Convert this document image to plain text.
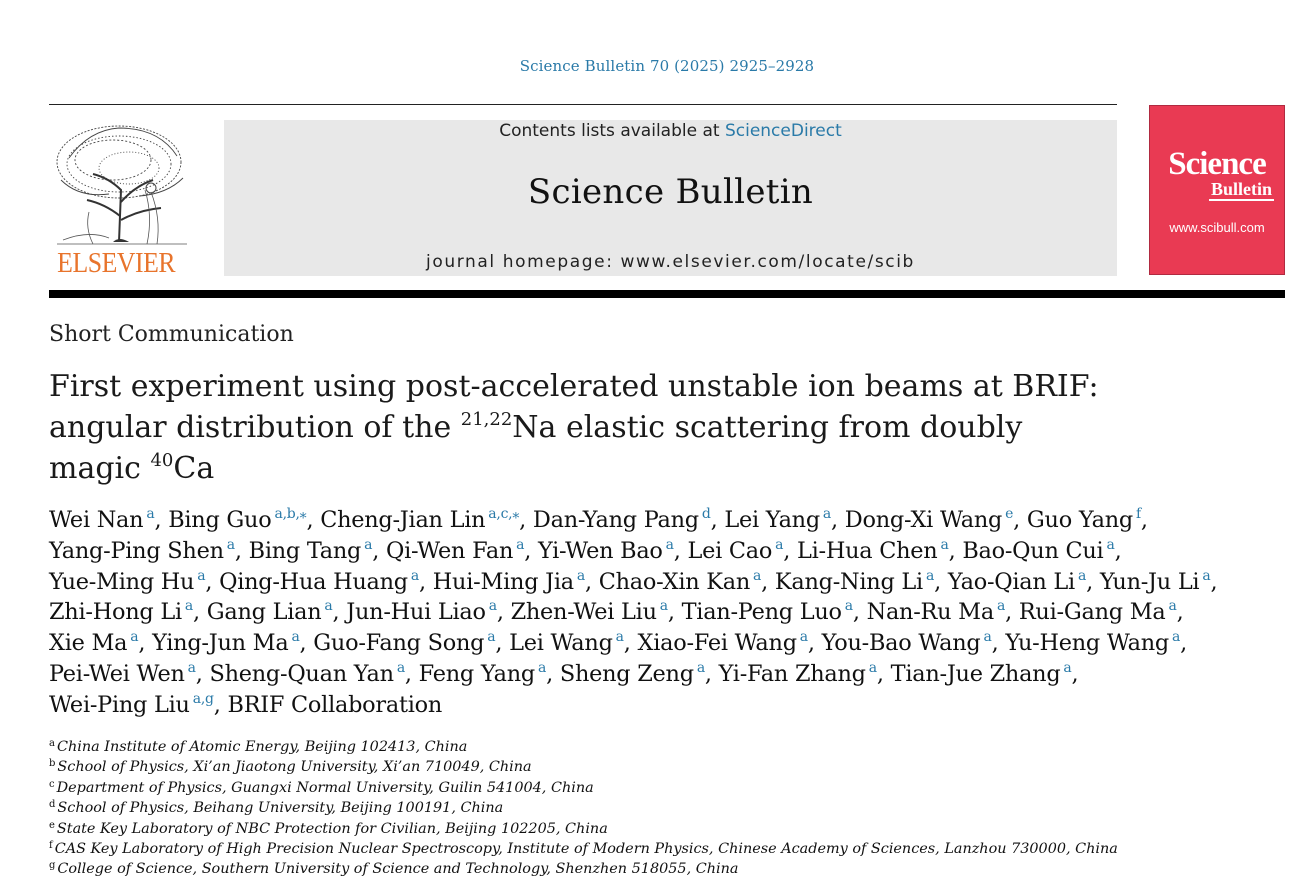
Science Bulletin 70 (2025) 2925–2928
ELSEVIER
Contents lists available at ScienceDirect
Science Bulletin
journal homepage: www.elsevier.com/locate/scib
Science
Bulletin
www.scibull.com
Short Communication
First experiment using post-accelerated unstable ion beams at BRIF:
angular distribution of the $^{21,22}$Na elastic scattering from doubly
magic $^{40}$Ca
Wei Nan $^a$, Bing Guo $^{a,b,⁎}$, Cheng-Jian Lin $^{a,c,⁎}$, Dan-Yang Pang $^d$, Lei Yang $^a$, Dong-Xi Wang $^e$, Guo Yang $^f$,
Yang-Ping Shen $^a$, Bing Tang $^a$, Qi-Wen Fan $^a$, Yi-Wen Bao $^a$, Lei Cao $^a$, Li-Hua Chen $^a$, Bao-Qun Cui $^a$,
Yue-Ming Hu $^a$, Qing-Hua Huang $^a$, Hui-Ming Jia $^a$, Chao-Xin Kan $^a$, Kang-Ning Li $^a$, Yao-Qian Li $^a$, Yun-Ju Li $^a$,
Zhi-Hong Li $^a$, Gang Lian $^a$, Jun-Hui Liao $^a$, Zhen-Wei Liu $^a$, Tian-Peng Luo $^a$, Nan-Ru Ma $^a$, Rui-Gang Ma $^a$,
Xie Ma $^a$, Ying-Jun Ma $^a$, Guo-Fang Song $^a$, Lei Wang $^a$, Xiao-Fei Wang $^a$, You-Bao Wang $^a$, Yu-Heng Wang $^a$,
Pei-Wei Wen $^a$, Sheng-Quan Yan $^a$, Feng Yang $^a$, Sheng Zeng $^a$, Yi-Fan Zhang $^a$, Tian-Jue Zhang $^a$,
Wei-Ping Liu $^{a,g}$, BRIF Collaboration
$^a$ China Institute of Atomic Energy, Beijing 102413, China
$^b$ School of Physics, Xi’an Jiaotong University, Xi’an 710049, China
$^c$ Department of Physics, Guangxi Normal University, Guilin 541004, China
$^d$ School of Physics, Beihang University, Beijing 100191, China
$^e$ State Key Laboratory of NBC Protection for Civilian, Beijing 102205, China
$^f$ CAS Key Laboratory of High Precision Nuclear Spectroscopy, Institute of Modern Physics, Chinese Academy of Sciences, Lanzhou 730000, China
$^g$ College of Science, Southern University of Science and Technology, Shenzhen 518055, China
